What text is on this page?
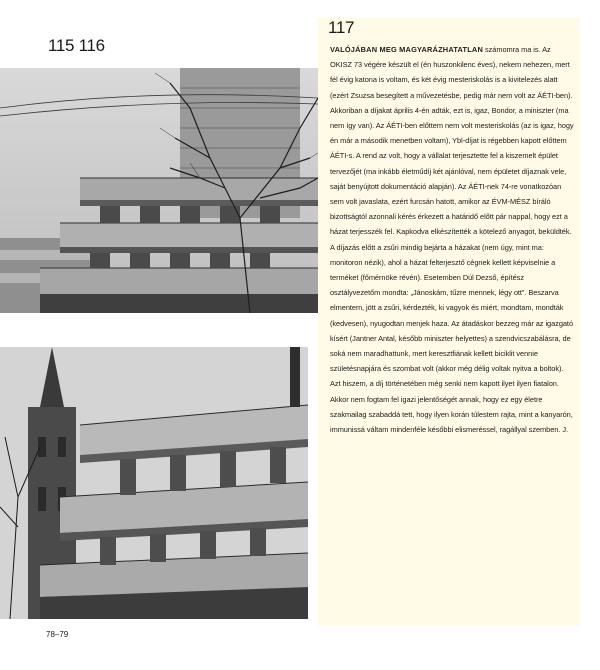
115 116
78–79
117
VALÓJÁBAN MEG MAGYARÁZHATATLAN számomra ma is. Az OKISZ 73 végére készült el (én huszonkilenc éves), nekem nehezen, mert fél évig katona is voltam, és két évig mesteriskolás is a kivitelezés alatt (ezért Zsuzsa besegített a művezetésbe, pedig már nem volt az ÁÉTI-ben). Akkoriban a díjakat április 4-én adták, ezt is, igaz, Bondor, a miniszter (ma nem így van). Az ÁÉTI-ben előttem nem volt mesteriskolás (az is igaz, hogy én már a második menetben voltam), Ybl-díjat is régebben kapott előttem ÁÉTI-s. A rend az volt, hogy a vállalat terjesztette fel a kiszemelt épület tervezőjét (ma inkább életműdíj két ajánlóval, nem épületet díjaznak vele, saját benyújtott dokumentáció alapján). Az ÁÉTI-nek 74-re vonatkozóan sem volt javaslata, ezért furcsán hatott, amikor az ÉVM-MÉSZ bíráló bizottságtól azonnali kérés érkezett a határidő előtt pár nappal, hogy ezt a házat terjesszék fel. Kapkodva elkészítették a kötelező anyagot, beküldték. A díjazás előtt a zsűri mindig bejárta a házakat (nem úgy, mint ma: monitoron nézik), ahol a házat felterjesztő cégnek kellett képviselnie a terméket (főmérnöke révén). Esetemben Dúl Dezső, építész osztályvezetőm mondta: „Jánoskám, tűzre mennek, légy ott”. Beszarva elmentem, jött a zsűri, kérdezték, ki vagyok és miért, mondtam, mondták (kedvesen), nyugodtan menjek haza. Az átadáskor bezzeg már az igazgató kísért (Jantner Antal, később miniszter helyettes) a szendvicszabálásra, de soká nem maradhattunk, mert keresztfiának kellett biciklit vennie születésnapjára és szombat volt (akkor még délig voltak nyitva a boltok). Azt hiszem, a díj történetében még senki nem kapott ilyet ilyen fiatalon. Akkor nem fogtam fel igazi jelentőségét annak, hogy ez egy életre szakmailag szabaddá tett, hogy ilyen korán túlestem rajta, mint a kanyarón, immunissá váltam mindenféle későbbi elismeréssel, ragállyal szemben. J.
